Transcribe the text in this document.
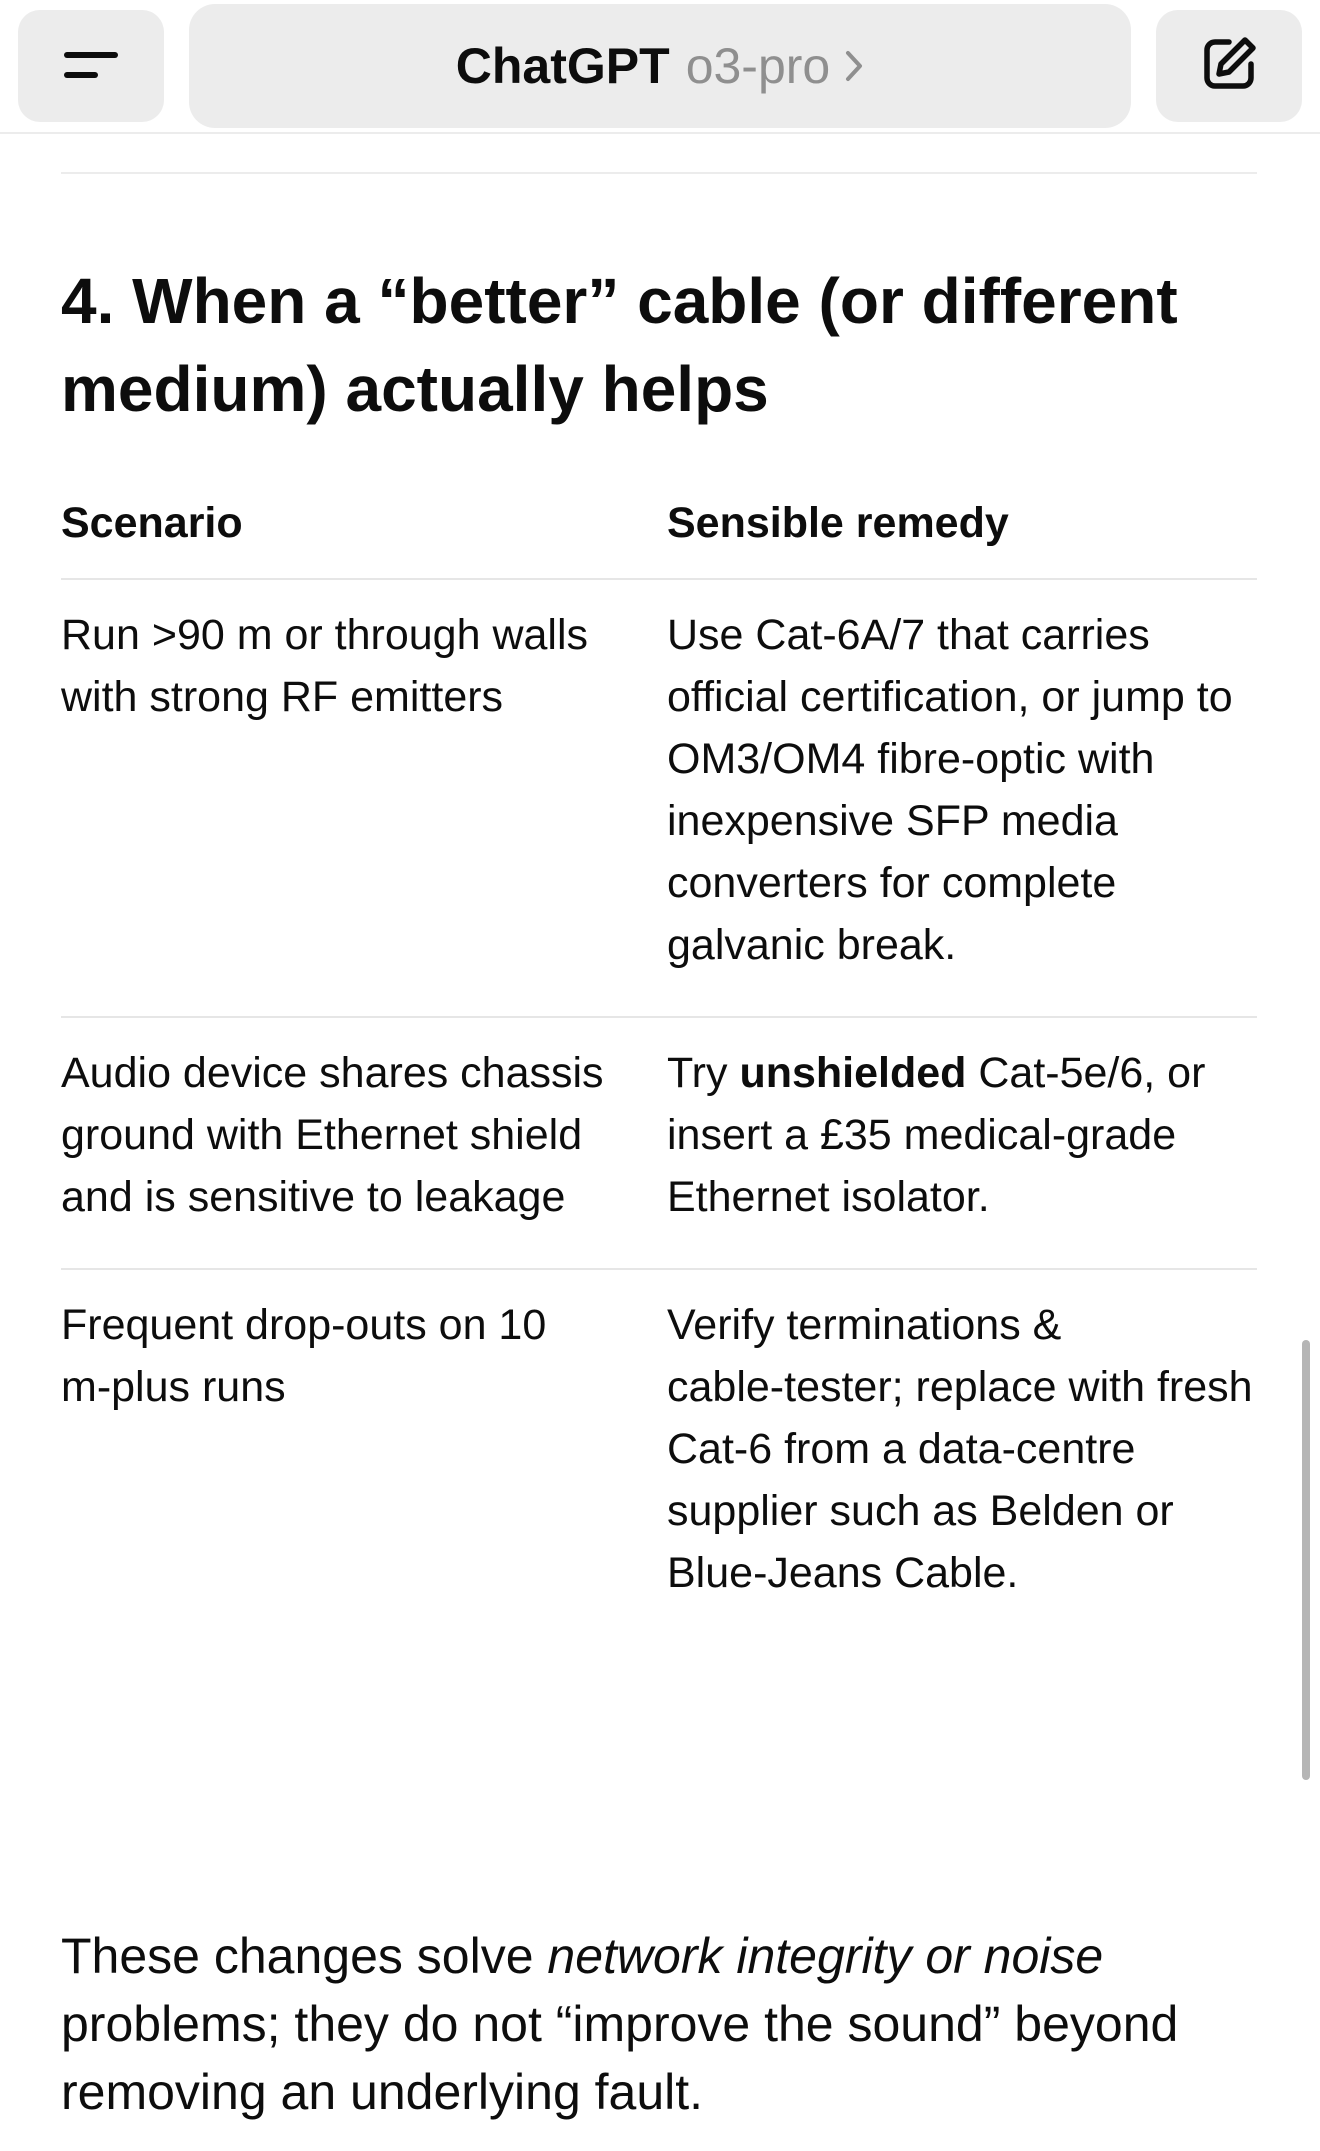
ChatGPT o3-pro
4. When a “better” cable (or different medium) actually helps
Scenario	Sensible remedy
Run >90 m or through walls with strong RF emitters
Use Cat‑6A/7 that carries official certification, or jump to OM3/OM4 fibre‑optic with inexpensive SFP media converters for complete galvanic break.
Audio device shares chassis ground with Ethernet shield and is sensitive to leakage
Try unshielded Cat‑5e/6, or insert a £35 medical‑grade Ethernet isolator.
Frequent drop‑outs on 10 m‑plus runs
Verify terminations & cable‑tester; replace with fresh Cat‑6 from a data‑centre supplier such as Belden or Blue‑Jeans Cable.

These changes solve network integrity or noise problems; they do not “improve the sound” beyond removing an underlying fault.
